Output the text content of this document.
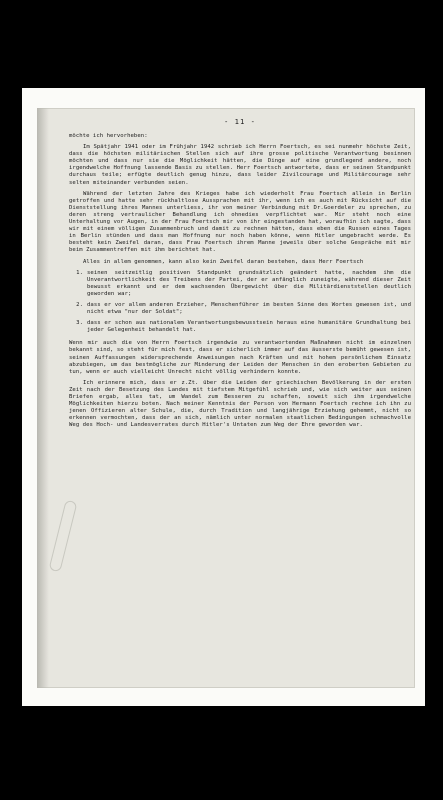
- 11 -

möchte ich hervorheben:

Im Spätjahr 1941 oder im Frühjahr 1942 schrieb ich Herrn Foertsch, es sei nunmehr höchste Zeit, dass die höchsten militärischen Stellen sich auf ihre grosse politische Verantwortung besinnen möchten und dass nur sie die Möglichkeit hätten, die Dinge auf eine grundlegend andere, noch irgendwelche Hoffnung lassende Basis zu stellen. Herr Foertsch antwortete, dass er seinen Standpunkt durchaus teile; erfügte deutlich genug hinzu, dass leider Zivilcourage und Militärcourage sehr selten miteinander verbunden seien.

Während der letzten Jahre des Krieges habe ich wiederholt Frau Foertsch allein in Berlin getroffen und hatte sehr rückhaltlose Aussprachen mit ihr, wenn ich es auch mit Rücksicht auf die Dienststellung ihres Mannes unterliess, ihr von meiner Verbindung mit Dr.Goerdeler zu sprechen, zu deren streng vertraulicher Behandlung ich ohnedies verpflichtet war. Mir steht noch eine Unterhaltung vor Augen, in der Frau Foertsch mir von ihr eingestanden hat, woraufhin ich sagte, dass wir mit einem völligen Zusammenbruch und damit zu rechnen hätten, dass eben die Russen eines Tages in Berlin stünden und dass man Hoffnung nur noch haben könne, wenn Hitler umgebracht werde. Es besteht kein Zweifel daran, dass Frau Foertsch ihrem Manne jeweils über solche Gespräche mit mir beim Zusammentreffen mit ihm berichtet hat.

Alles in allem genommen, kann also kein Zweifel daran bestehen, dass Herr Foertsch

1. seinen seitzeitlig positiven Standpunkt grundsätzlich geändert hatte, nachdem ihm die Unverantwortlichkeit des Treibens der Partei, der er anfänglich zuneigte, während dieser Zeit bewusst erkannt und er dem wachsenden Übergewicht über die Militärdienststellen deutlich geworden war;
2. dass er vor allem anderen Erzieher, Menschenführer im besten Sinne des Wortes gewesen ist, und nicht etwa "nur der Soldat";
3. dass er schon aus nationalem Verantwortungsbewusstsein heraus eine humanitäre Grundhaltung bei jeder Gelegenheit behandelt hat.

Wenn mir auch die von Herrn Foertsch irgendwie zu verantwortenden Maßnahmen nicht im einzelnen bekannt sind, so steht für mich fest, dass er sicherlich immer auf das äusserste bemüht gewesen ist, seinen Auffassungen widersprechende Anweisungen nach Kräften und mit hohem persönlichem Einsatz abzubiegen, um das bestmögliche zur Minderung der Leiden der Menschen in den eroberten Gebieten zu tun, wenn er auch vielleicht Unrecht nicht völlig verhindern konnte.

Ich erinnere mich, dass er z.Zt. über die Leiden der griechischen Bevölkerung in der ersten Zeit nach der Besetzung des Landes mit tiefstem Mitgefühl schrieb und, wie sich weiter aus seinen Briefen ergab, alles tat, um Wandel zum Besseren zu schaffen, soweit sich ihm irgendwelche Möglichkeiten hierzu boten. Nach meiner Kenntnis der Person von Hermann Foertsch rechne ich ihn zu jenen Offizieren alter Schule, die, durch Tradition und langjährige Erziehung gehemmt, nicht so erkennen vermochten, dass der an sich, nämlich unter normalen staatlichen Bedingungen schmachvolle Weg des Hoch- und Landesverrates durch Hitler's Untaten zum Weg der Ehre geworden war.
